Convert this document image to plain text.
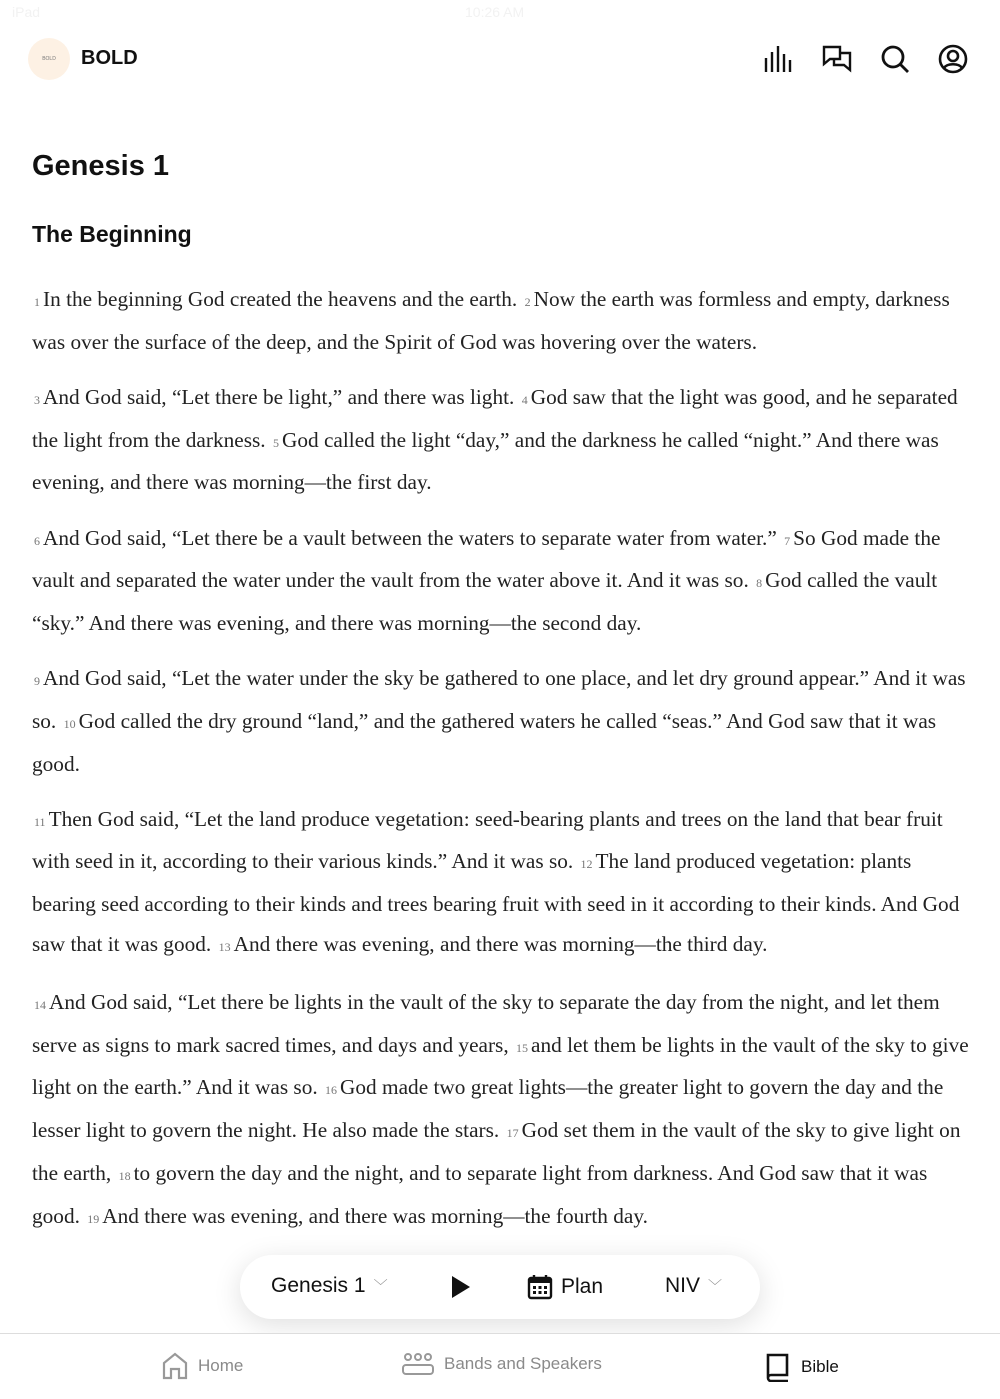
iPad	10:26 AM
BOLD BOLD
Genesis 1
The Beginning

1 In the beginning God created the heavens and the earth. 2 Now the earth was formless and empty, darkness was over the surface of the deep, and the Spirit of God was hovering over the waters.

3 And God said, “Let there be light,” and there was light. 4 God saw that the light was good, and he separated the light from the darkness. 5 God called the light “day,” and the darkness he called “night.” And there was evening, and there was morning—the first day.

6 And God said, “Let there be a vault between the waters to separate water from water.” 7 So God made the vault and separated the water under the vault from the water above it. And it was so. 8 God called the vault “sky.” And there was evening, and there was morning—the second day.

9 And God said, “Let the water under the sky be gathered to one place, and let dry ground appear.” And it was so. 10 God called the dry ground “land,” and the gathered waters he called “seas.” And God saw that it was good.

11 Then God said, “Let the land produce vegetation: seed-bearing plants and trees on the land that bear fruit with seed in it, according to their various kinds.” And it was so. 12 The land produced vegetation: plants bearing seed according to their kinds and trees bearing fruit with seed in it according to their kinds. And God saw that it was good. 13 And there was evening, and there was morning—the third day.

14 And God said, “Let there be lights in the vault of the sky to separate the day from the night, and let them serve as signs to mark sacred times, and days and years, 15 and let them be lights in the vault of the sky to give light on the earth.” And it was so. 16 God made two great lights—the greater light to govern the day and the lesser light to govern the night. He also made the stars. 17 God set them in the vault of the sky to give light on the earth, 18 to govern the day and the night, and to separate light from darkness. And God saw that it was good. 19 And there was evening, and there was morning—the fourth day.

Genesis 1 ﹀	Plan	NIV ﹀
Home	Bands and Speakers	Bible
